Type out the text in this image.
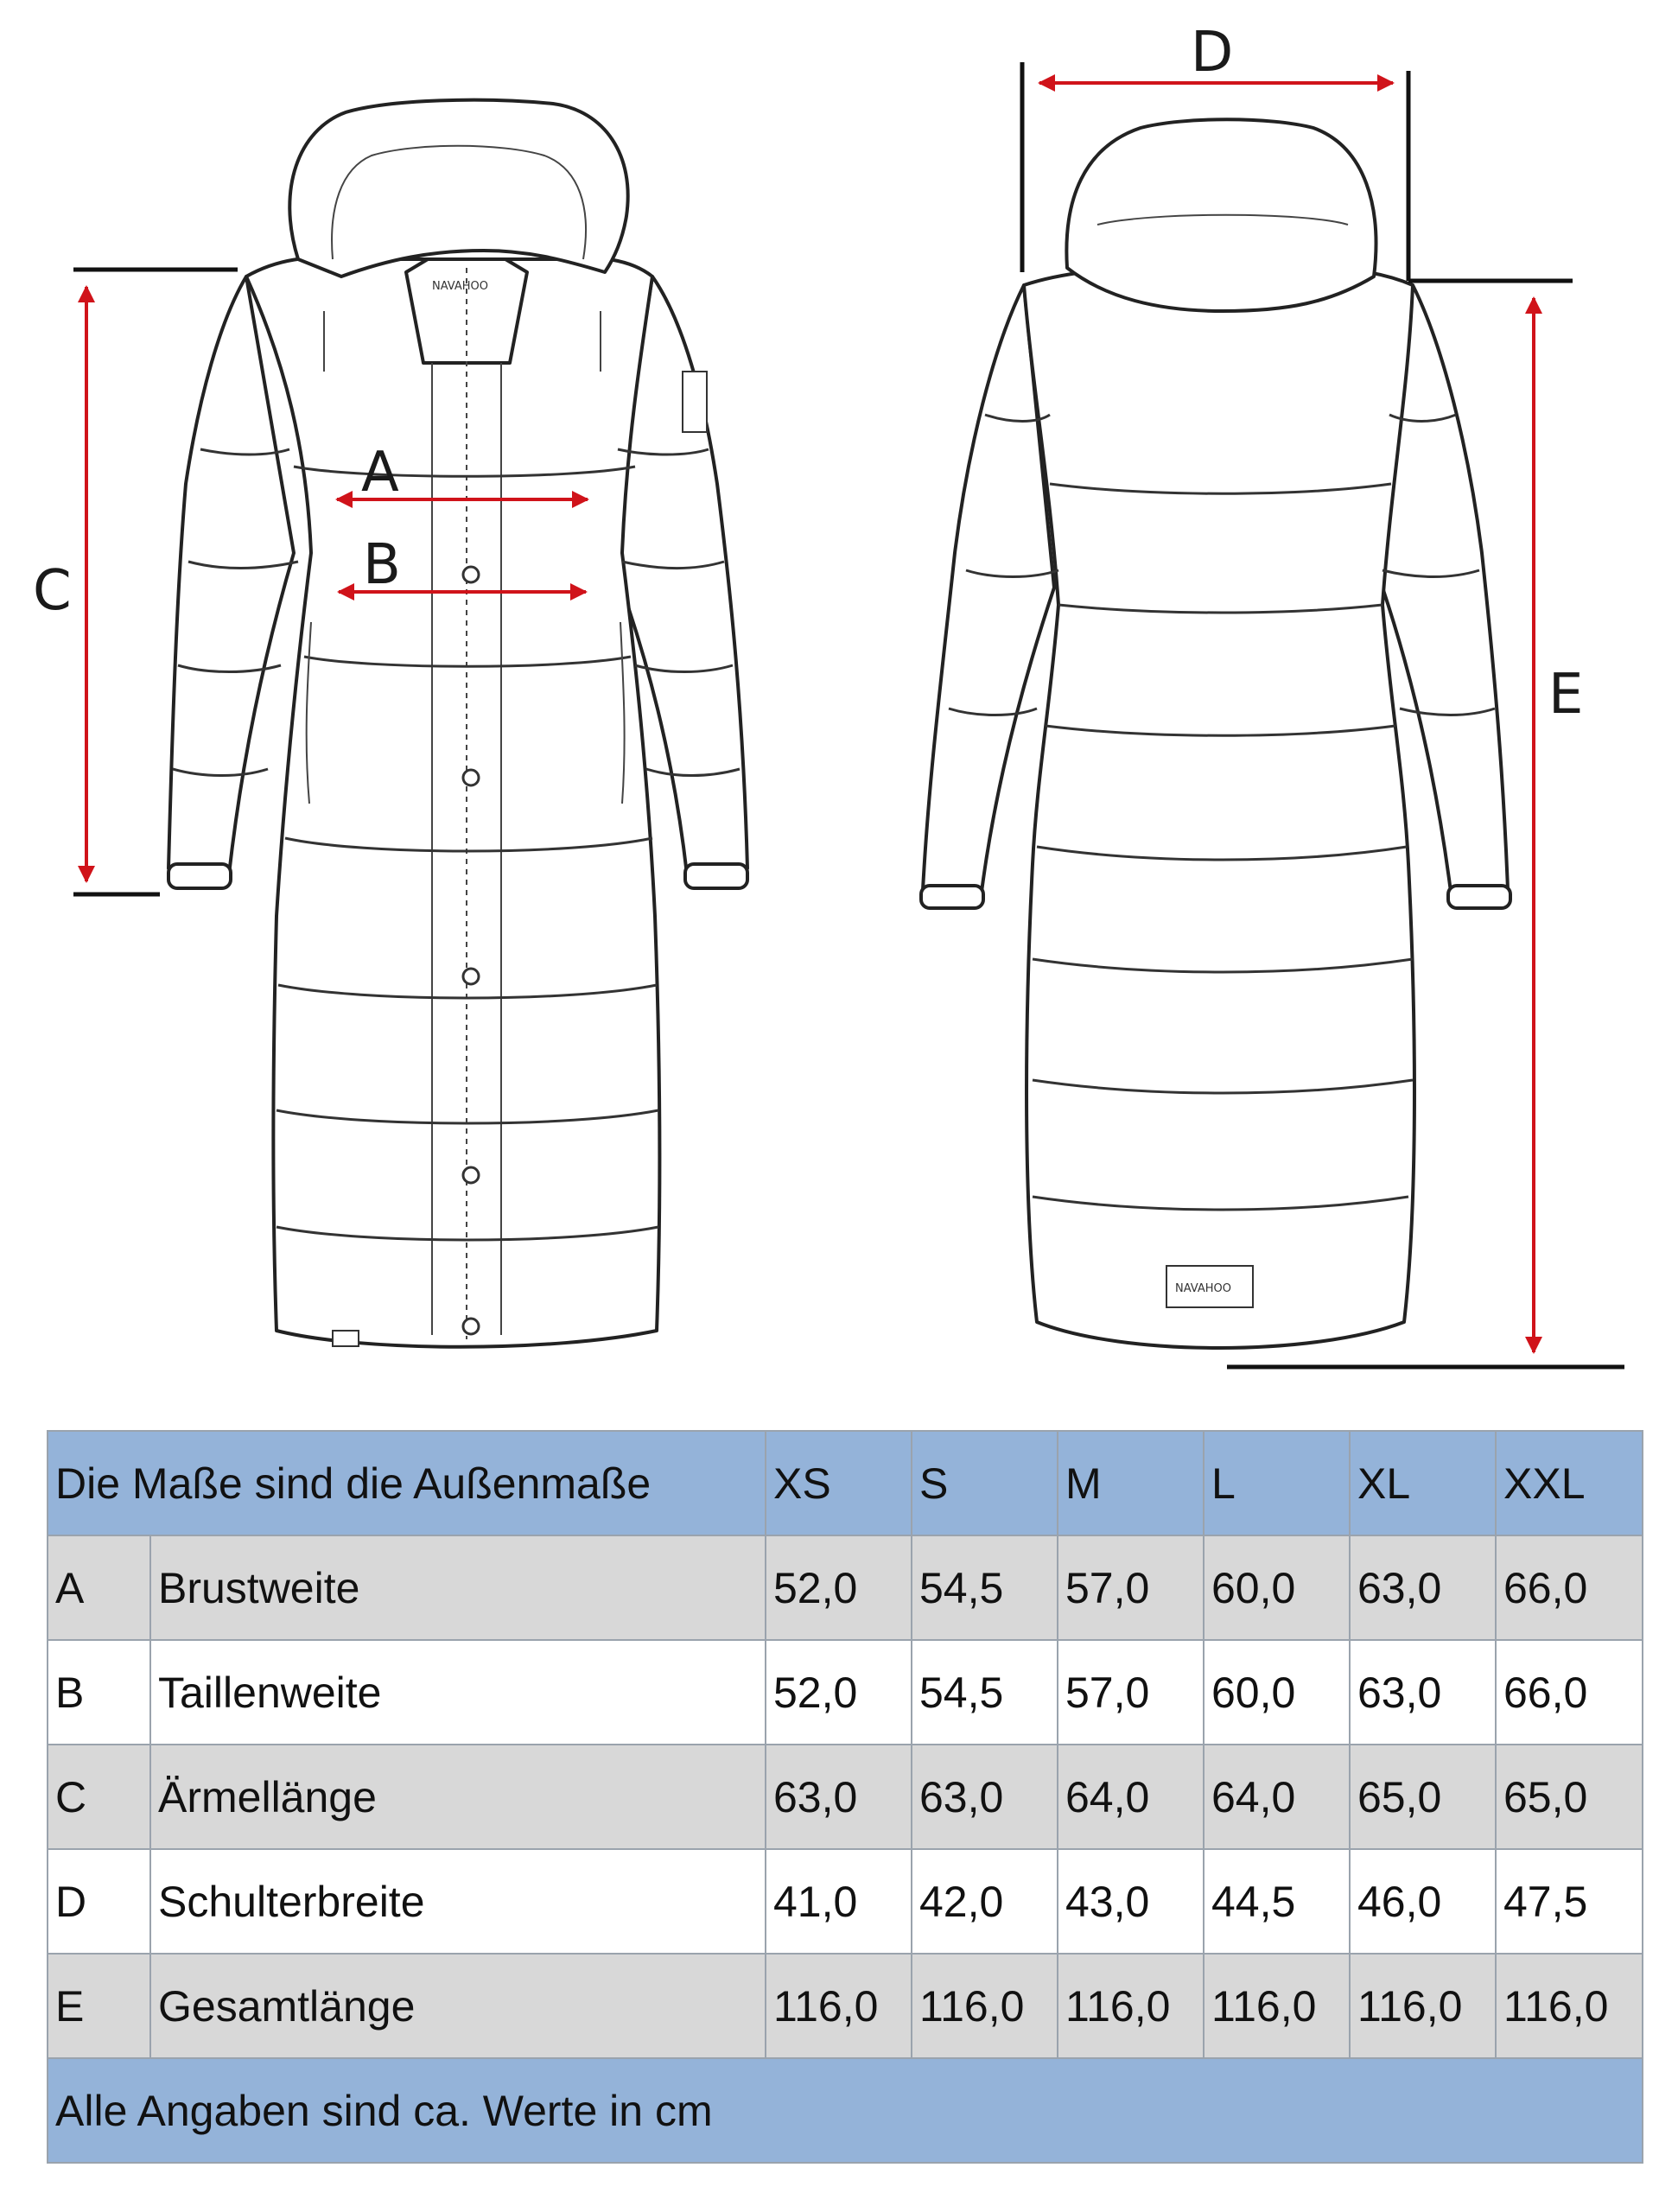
NAVAHOO
NAVAHOO
A
B
C
D
E
Die Maße sind die Außenmaße		XS	S	M	L	XL	XXL
A	Brustweite	52,0	54,5	57,0	60,0	63,0	66,0
B	Taillenweite	52,0	54,5	57,0	60,0	63,0	66,0
C	Ärmellänge	63,0	63,0	64,0	64,0	65,0	65,0
D	Schulterbreite	41,0	42,0	43,0	44,5	46,0	47,5
E	Gesamtlänge	116,0	116,0	116,0	116,0	116,0	116,0
Alle Angaben sind ca. Werte in cm							
